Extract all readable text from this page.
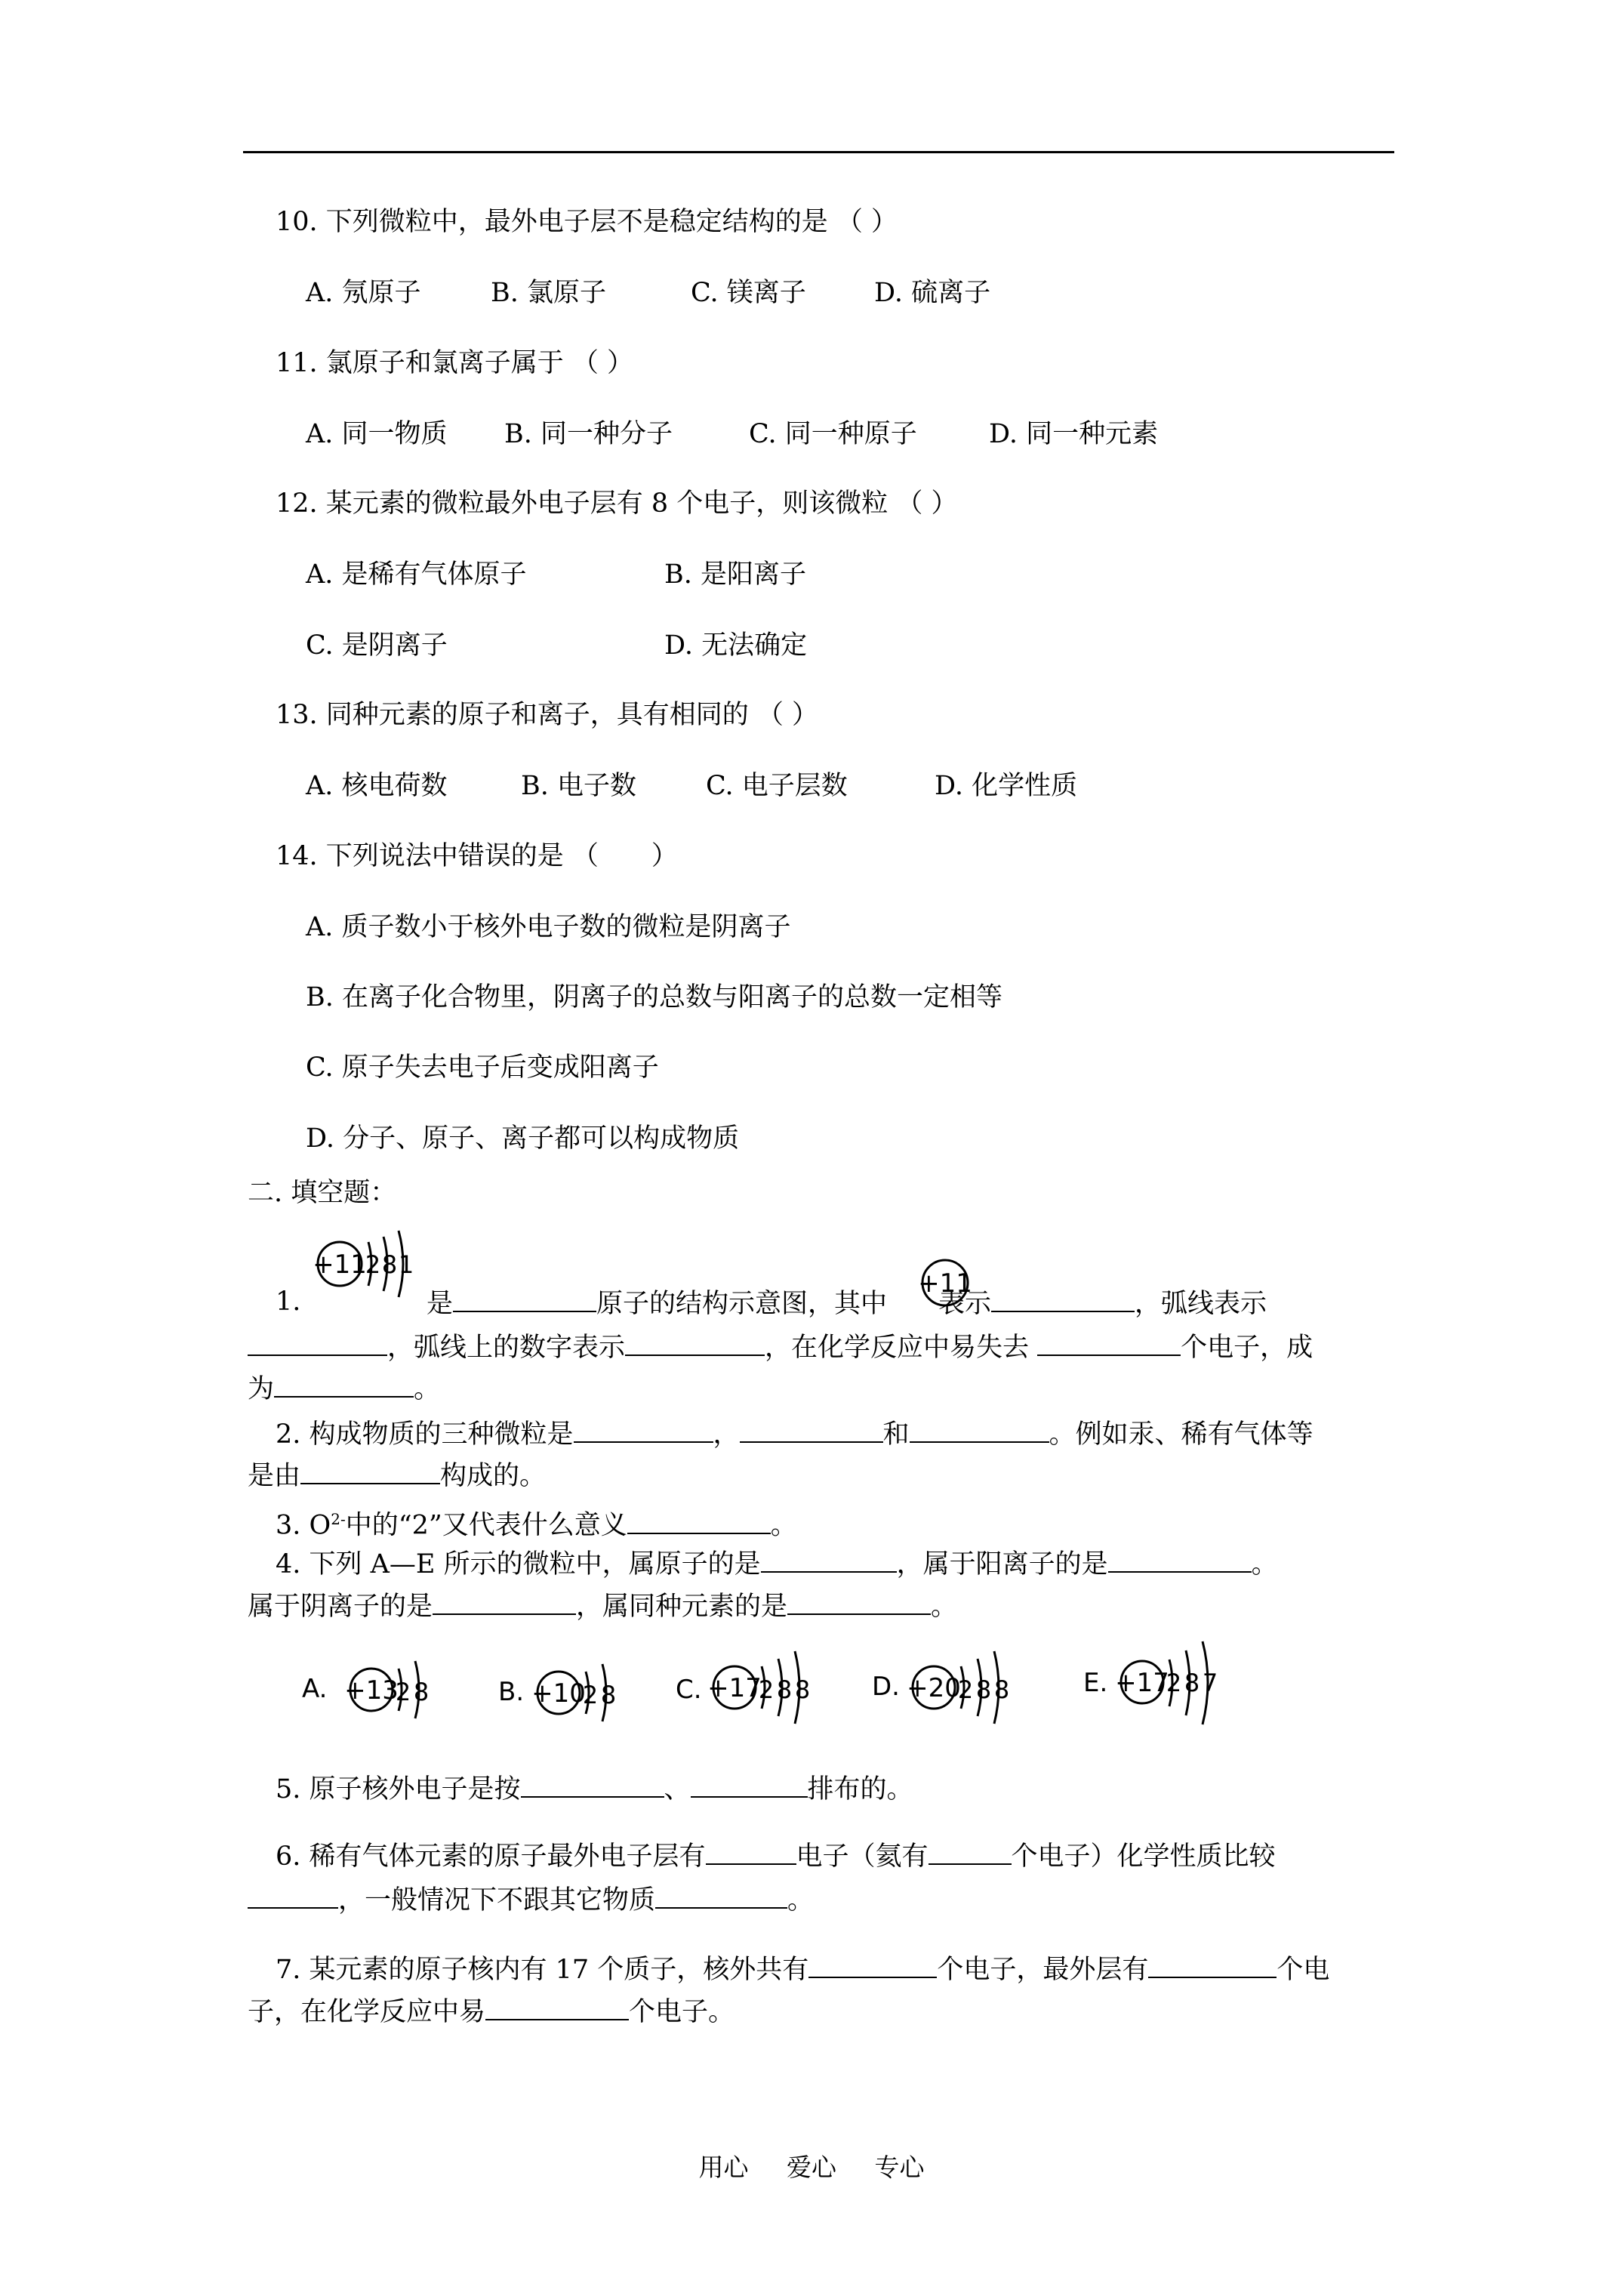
10. 下列微粒中，最外电子层不是稳定结构的是 （ ）
A. 氖原子	B. 氯原子	C. 镁离子	D. 硫离子
11. 氯原子和氯离子属于 （ ）
A. 同一物质 B. 同一种分子	C. 同一种原子	D. 同一种元素
12. 某元素的微粒最外电子层有 8 个电子，则该微粒 （ ）
A. 是稀有气体原子	B. 是阳离子
C. 是阴离子	D. 无法确定
13. 同种元素的原子和离子，具有相同的 （ ）
A. 核电荷数	B. 电子数	C. 电子层数	D. 化学性质
14. 下列说法中错误的是 （　　）
A. 质子数小于核外电子数的微粒是阴离子
B. 在离子化合物里，阴离子的总数与阳离子的总数一定相等
C. 原子失去电子后变成阳离子
D. 分子、原子、离子都可以构成物质
二. 填空题：
+11
2 8 1
1.	是	原子的结构示意图，其中 表示	，弧线表示
+11
，弧线上的数字表示	，在化学反应中易失去	个电子，成
为	。
2. 构成物质的三种微粒是	，	和	。例如汞、稀有气体等
是由	构成的。
3. $O^{2-}$中的“2”又代表什么意义	。
4. 下列 A—E 所示的微粒中，属原子的是	，属于阳离子的是	。
属于阴离子的是	，属同种元素的是	。
A. +13
2 8	B. +10
2 8 C. +17
2 8 8 D. +20
2 8 8	E. +17
2 8 7
5. 原子核外电子是按	、	排布的。
6. 稀有气体元素的原子最外电子层有	电子（氦有	个电子）化学性质比较
，一般情况下不跟其它物质	。
7. 某元素的原子核内有 17 个质子，核外共有	个电子，最外层有	个电
子，在化学反应中易	个电子。
用心 爱心 专心
